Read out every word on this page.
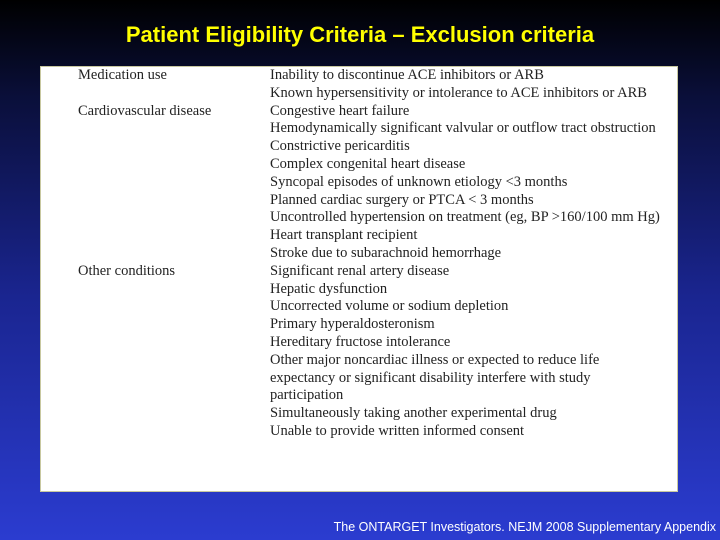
Patient Eligibility Criteria – Exclusion criteria
Medication use	Inability to discontinue ACE inhibitors or ARB
Known hypersensitivity or intolerance to ACE inhibitors or ARB
Cardiovascular disease	Congestive heart failure
Hemodynamically significant valvular or outflow tract obstruction
Constrictive pericarditis
Complex congenital heart disease
Syncopal episodes of unknown etiology <3 months
Planned cardiac surgery or PTCA < 3 months
Uncontrolled hypertension on treatment (eg, BP >160/100 mm Hg)
Heart transplant recipient
Stroke due to subarachnoid hemorrhage
Other conditions	Significant renal artery disease
Hepatic dysfunction
Uncorrected volume or sodium depletion
Primary hyperaldosteronism
Hereditary fructose intolerance
Other major noncardiac illness or expected to reduce life expectancy or significant disability interfere with study participation
Simultaneously taking another experimental drug
Unable to provide written informed consent
The ONTARGET Investigators. NEJM 2008 Supplementary Appendix
